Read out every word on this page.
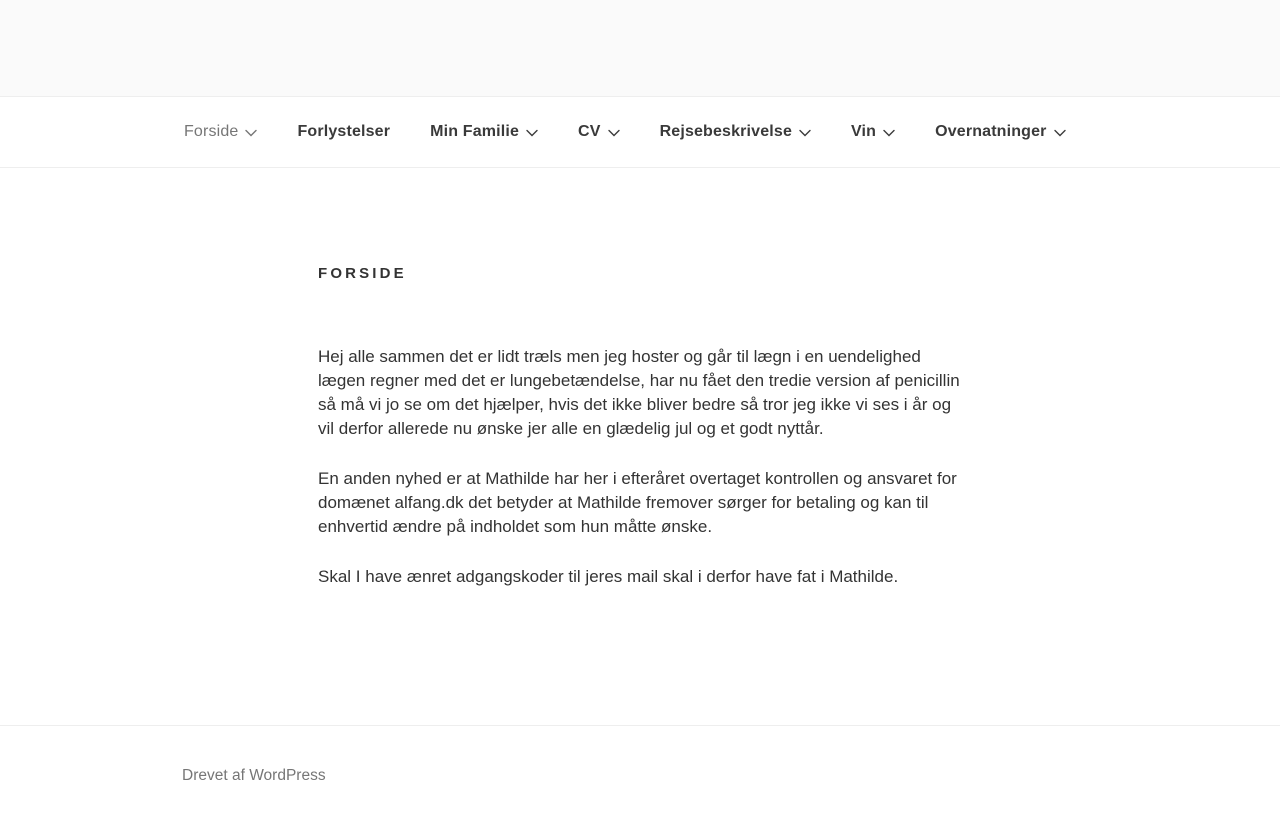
Forside	Forlystelser	Min Familie	CV	Rejsebeskrivelse	Vin	Overnatninger
FORSIDE

Hej alle sammen det er lidt træls men jeg hoster og går til lægn i en uendelighed lægen regner med det er lungebetændelse, har nu fået den tredie version af penicillin så må vi jo se om det hjælper, hvis det ikke bliver bedre så tror jeg ikke vi ses i år og vil derfor allerede nu ønske jer alle en glædelig jul og et godt nyttår.

En anden nyhed er at Mathilde har her i efteråret overtaget kontrollen og ansvaret for domænet alfang.dk det betyder at Mathilde fremover sørger for betaling og kan til enhvertid ændre på indholdet som hun måtte ønske.

Skal I have ænret adgangskoder til jeres mail skal i derfor have fat i Mathilde.

Drevet af WordPress
